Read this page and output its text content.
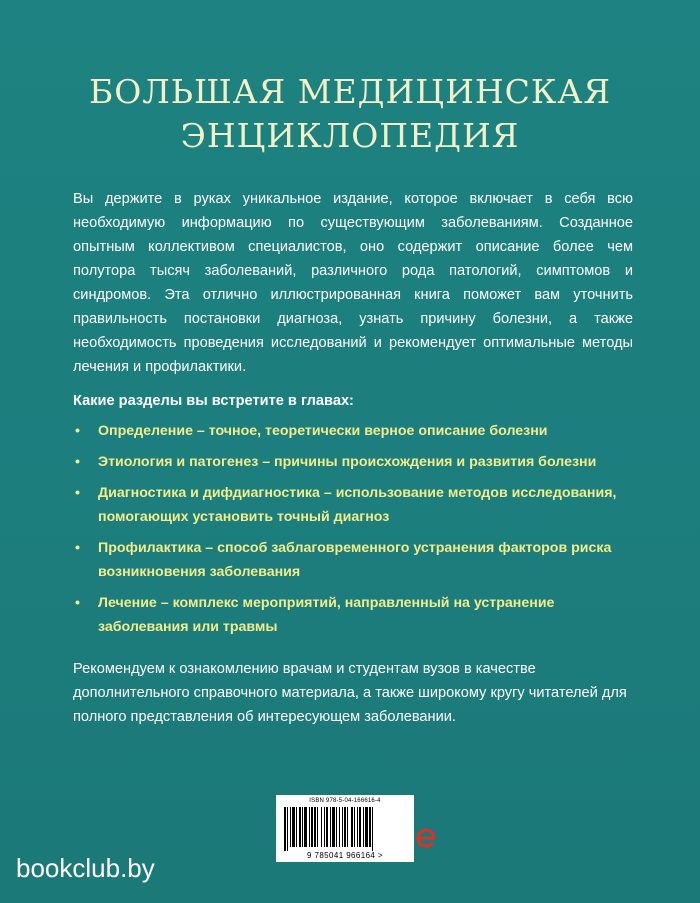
БОЛЬШАЯ МЕДИЦИНСКАЯ
ЭНЦИКЛОПЕДИЯ
Вы держите в руках уникальное издание, которое включает в себя всю необходимую информацию по существующим заболеваниям. Созданное опытным коллективом специалистов, оно содержит описание более чем полутора тысяч заболеваний, различного рода патологий, симптомов и синдромов. Эта отлично иллюстрированная книга поможет вам уточнить правильность постановки диагноза, узнать причину болезни, а также необходимость проведения исследований и рекомендует оптимальные методы лечения и профилактики.
Какие разделы вы встретите в главах:
• Определение – точное, теоретически верное описание болезни
• Этиология и патогенез – причины происхождения и развития болезни
• Диагностика и дифдиагностика – использование методов исследования, помогающих установить точный диагноз
• Профилактика – способ заблаговременного устранения факторов риска возникновения заболевания
• Лечение – комплекс мероприятий, направленный на устранение заболевания или травмы
Рекомендуем к ознакомлению врачам и студентам вузов в качестве дополнительного справочного материала, а также широкому кругу читателей для полного представления об интересующем заболевании.
ISBN 978-5-04-166616-4
9 785041 966164 >
bookclub.by
